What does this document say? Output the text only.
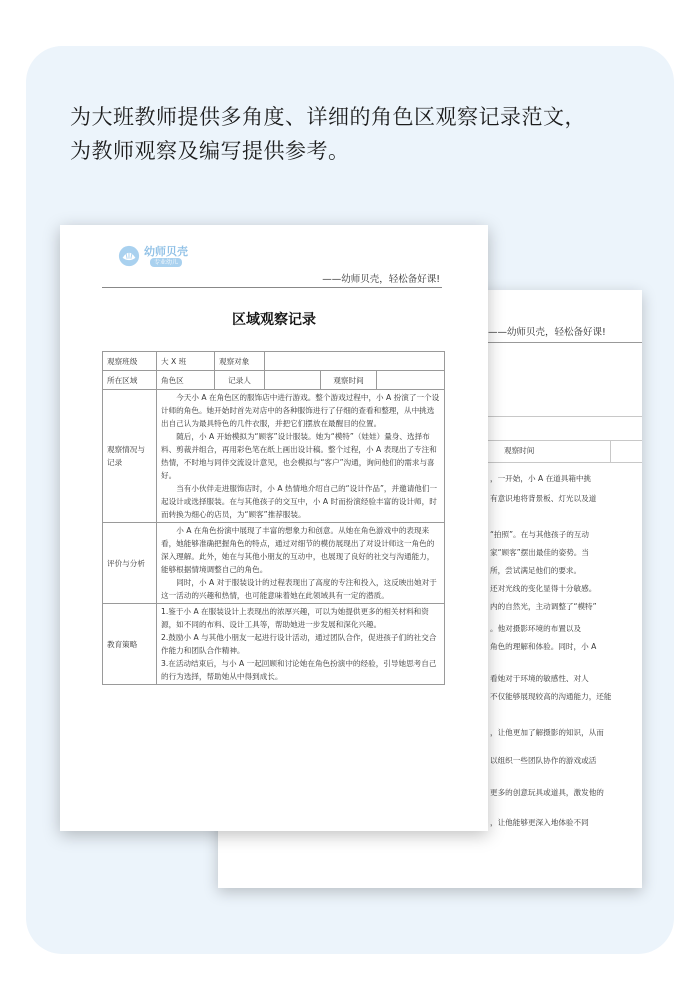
为大班教师提供多角度、详细的角色区观察记录范文，
为教师观察及编写提供参考。
——幼师贝壳，轻松备好课!
观察时间
，一开始，小 A 在道具箱中挑
有意识地将背景板、灯光以及道
“拍照”。在与其他孩子的互动
家“顾客”摆出最佳的姿势。当
所，尝试满足他们的要求。
还对光线的变化显得十分敏感。
内的自然光，主动调整了“模特”
。他对摄影环境的布置以及
角色的理解和体验。同时，小 A
看她对于环境的敏感性、对人
不仅能够展现较高的沟通能力，还能
，让他更加了解摄影的知识，从而
以组织一些团队协作的游戏或活
更多的创意玩具或道具，激发他的
，让他能够更深入地体验不同
幼师贝壳
专业幼儿
——幼师贝壳，轻松备好课!
区域观察记录
观察班级	大 X 班	观察对象			
所在区域	角色区	记录人		观察时间	
观察情况与记录	今天小 A 在角色区的服饰店中进行游戏。整个游戏过程中，小 A 扮演了一个设计师的角色。她开始时首先对店中的各种服饰进行了仔细的查看和整理，从中挑选出自己认为最具特色的几件衣服，并把它们摆放在最醒目的位置。

随后，小 A 开始模拟为“顾客”设计服装。她为“模特”（娃娃）量身、选择布料、剪裁并组合，再用彩色笔在纸上画出设计稿。整个过程，小 A 表现出了专注和热情，不时地与同伴交流设计意见，也会模拟与“客户”沟通，询问他们的需求与喜好。

当有小伙伴走进服饰店时，小 A 热情地介绍自己的“设计作品”，并邀请他们一起设计或选择服装。在与其他孩子的交互中，小 A 时而扮演经验丰富的设计师，时而转换为细心的店员，为“顾客”推荐服装。				

评价与分析	小 A 在角色扮演中展现了丰富的想象力和创意。从她在角色游戏中的表现来看，她能够准确把握角色的特点，通过对细节的模仿展现出了对设计师这一角色的深入理解。此外，她在与其他小朋友的互动中，也展现了良好的社交与沟通能力，能够根据情境调整自己的角色。

同时，小 A 对于服装设计的过程表现出了高度的专注和投入，这反映出她对于这一活动的兴趣和热情，也可能意味着她在此领域具有一定的潜质。				

教育策略	1.鉴于小 A 在服装设计上表现出的浓厚兴趣，可以为她提供更多的相关材料和资源，如不同的布料、设计工具等，帮助她进一步发展和深化兴趣。

2.鼓励小 A 与其他小朋友一起进行设计活动，通过团队合作，促进孩子们的社交合作能力和团队合作精神。

3.在活动结束后，与小 A 一起回顾和讨论她在角色扮演中的经验，引导她思考自己的行为选择，帮助她从中得到成长。				
